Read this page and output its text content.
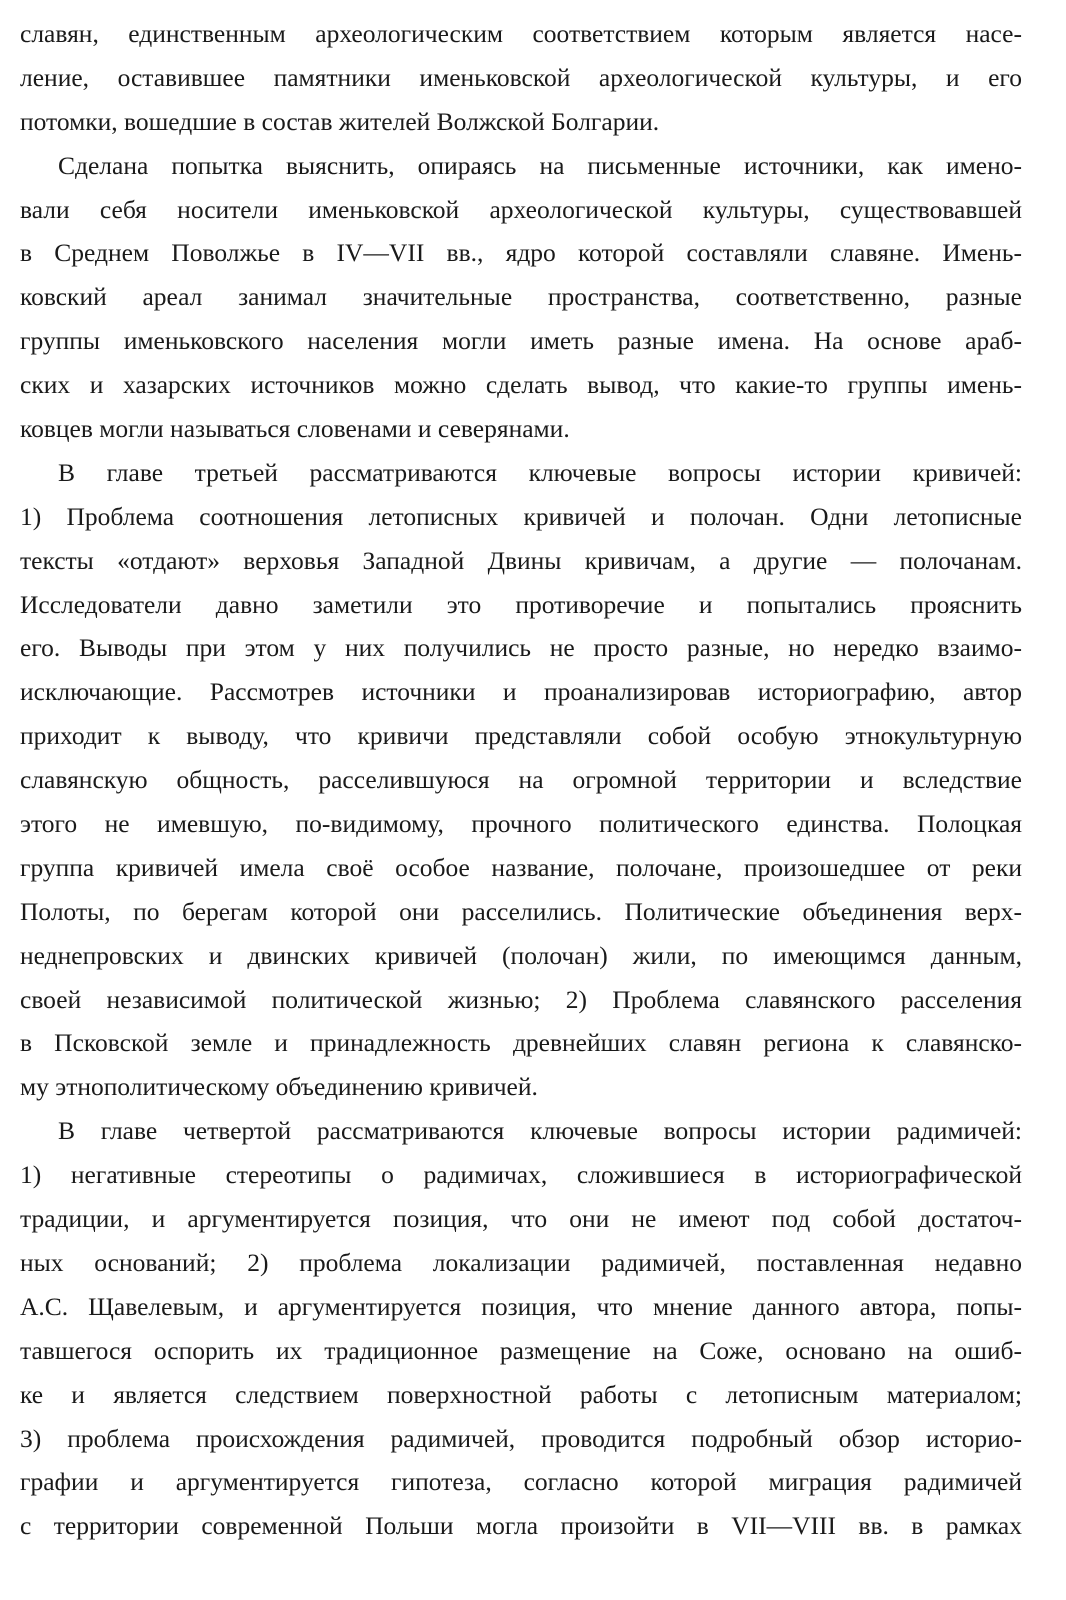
славян, единственным археологическим соответствием которым является насе-
ление, оставившее памятники именьковской археологической культуры, и его
потомки, вошедшие в состав жителей Волжской Болгарии.
Сделана попытка выяснить, опираясь на письменные источники, как имено-
вали себя носители именьковской археологической культуры, существовавшей
в Среднем Поволжье в IV—VII вв., ядро которой составляли славяне. Имень-
ковский ареал занимал значительные пространства, соответственно, разные
группы именьковского населения могли иметь разные имена. На основе араб-
ских и хазарских источников можно сделать вывод, что какие-то группы имень-
ковцев могли называться словенами и северянами.
В главе третьей рассматриваются ключевые вопросы истории кривичей:
1) Проблема соотношения летописных кривичей и полочан. Одни летописные
тексты «отдают» верховья Западной Двины кривичам, а другие — полочанам.
Исследователи давно заметили это противоречие и попытались прояснить
его. Выводы при этом у них получились не просто разные, но нередко взаимо-
исключающие. Рассмотрев источники и проанализировав историографию, автор
приходит к выводу, что кривичи представляли собой особую этнокультурную
славянскую общность, расселившуюся на огромной территории и вследствие
этого не имевшую, по-видимому, прочного политического единства. Полоцкая
группа кривичей имела своё особое название, полочане, произошедшее от реки
Полоты, по берегам которой они расселились. Политические объединения верх-
неднепровских и двинских кривичей (полочан) жили, по имеющимся данным,
своей независимой политической жизнью; 2) Проблема славянского расселения
в Псковской земле и принадлежность древнейших славян региона к славянско-
му этнополитическому объединению кривичей.
В главе четвертой рассматриваются ключевые вопросы истории радимичей:
1) негативные стереотипы о радимичах, сложившиеся в историографической
традиции, и аргументируется позиция, что они не имеют под собой достаточ-
ных оснований; 2) проблема локализации радимичей, поставленная недавно
А.С. Щавелевым, и аргументируется позиция, что мнение данного автора, попы-
тавшегося оспорить их традиционное размещение на Соже, основано на ошиб-
ке и является следствием поверхностной работы с летописным материалом;
3) проблема происхождения радимичей, проводится подробный обзор историо-
графии и аргументируется гипотеза, согласно которой миграция радимичей
с территории современной Польши могла произойти в VII—VIII вв. в рамках
